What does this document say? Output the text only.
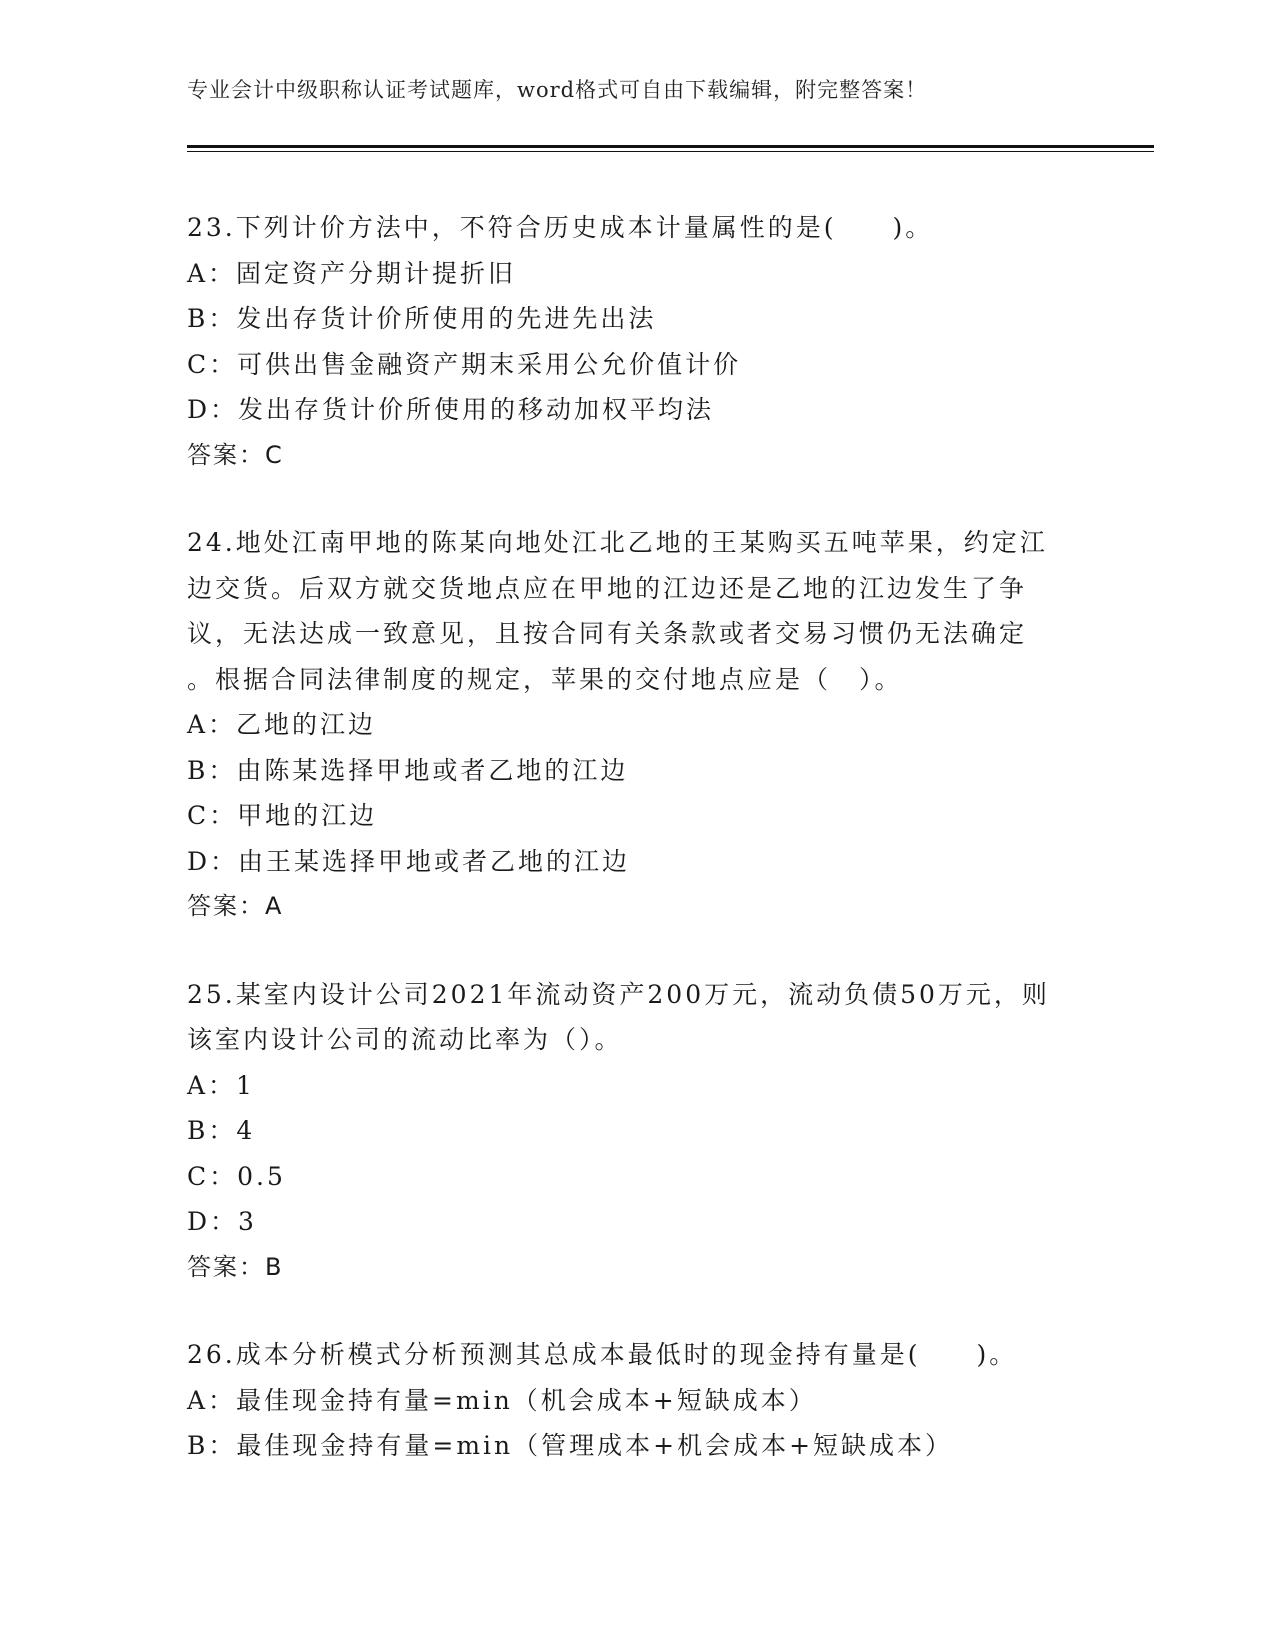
专业会计中级职称认证考试题库，word格式可自由下载编辑，附完整答案！
23.下列计价方法中，不符合历史成本计量属性的是(　　)。
A：固定资产分期计提折旧
B：发出存货计价所使用的先进先出法
C：可供出售金融资产期末采用公允价值计价
D：发出存货计价所使用的移动加权平均法
答案：C
24.地处江南甲地的陈某向地处江北乙地的王某购买五吨苹果，约定江
边交货。后双方就交货地点应在甲地的江边还是乙地的江边发生了争
议，无法达成一致意见，且按合同有关条款或者交易习惯仍无法确定
。根据合同法律制度的规定，苹果的交付地点应是（　）。
A：乙地的江边
B：由陈某选择甲地或者乙地的江边
C：甲地的江边
D：由王某选择甲地或者乙地的江边
答案：A
25.某室内设计公司2021年流动资产200万元，流动负债50万元，则
该室内设计公司的流动比率为（）。
A：1
B：4
C：0.5
D：3
答案：B
26.成本分析模式分析预测其总成本最低时的现金持有量是(　　)。
A：最佳现金持有量=min（机会成本+短缺成本）
B：最佳现金持有量=min（管理成本+机会成本+短缺成本）
